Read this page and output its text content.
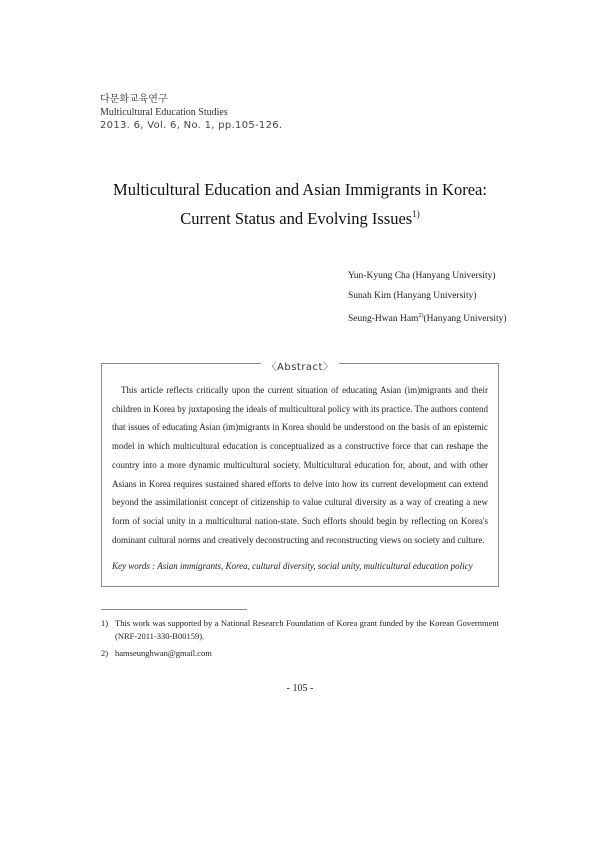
다문화교육연구
Multicultural Education Studies
2013. 6, Vol. 6, No. 1, pp.105-126.
Multicultural Education and Asian Immigrants in Korea:
Current Status and Evolving Issues$^{1)}$
Yun-Kyung Cha (Hanyang University)
Sunah Kim (Hanyang University)
Seung-Hwan Ham$^{2)}$(Hanyang University)
〈Abstract〉
This article reflects critically upon the current situation of educating Asian (im)migrants and their children in Korea by juxtaposing the ideals of multicultural policy with its practice. The authors contend that issues of educating Asian (im)migrants in Korea should be understood on the basis of an epistemic model in which multicultural education is conceptualized as a constructive force that can reshape the country into a more dynamic multicultural society. Multicultural education for, about, and with other Asians in Korea requires sustained shared efforts to delve into how its current development can extend beyond the assimilationist concept of citizenship to value cultural diversity as a way of creating a new form of social unity in a multicultural nation-state. Such efforts should begin by reflecting on Korea's dominant cultural norms and creatively deconstructing and reconstructing views on society and culture.
Key words : Asian immigrants, Korea, cultural diversity, social unity, multicultural education policy
1) This work was supported by a National Research Foundation of Korea grant funded by the Korean Government (NRF-2011-330-B00159).
2) hamseunghwan@gmail.com
- 105 -
